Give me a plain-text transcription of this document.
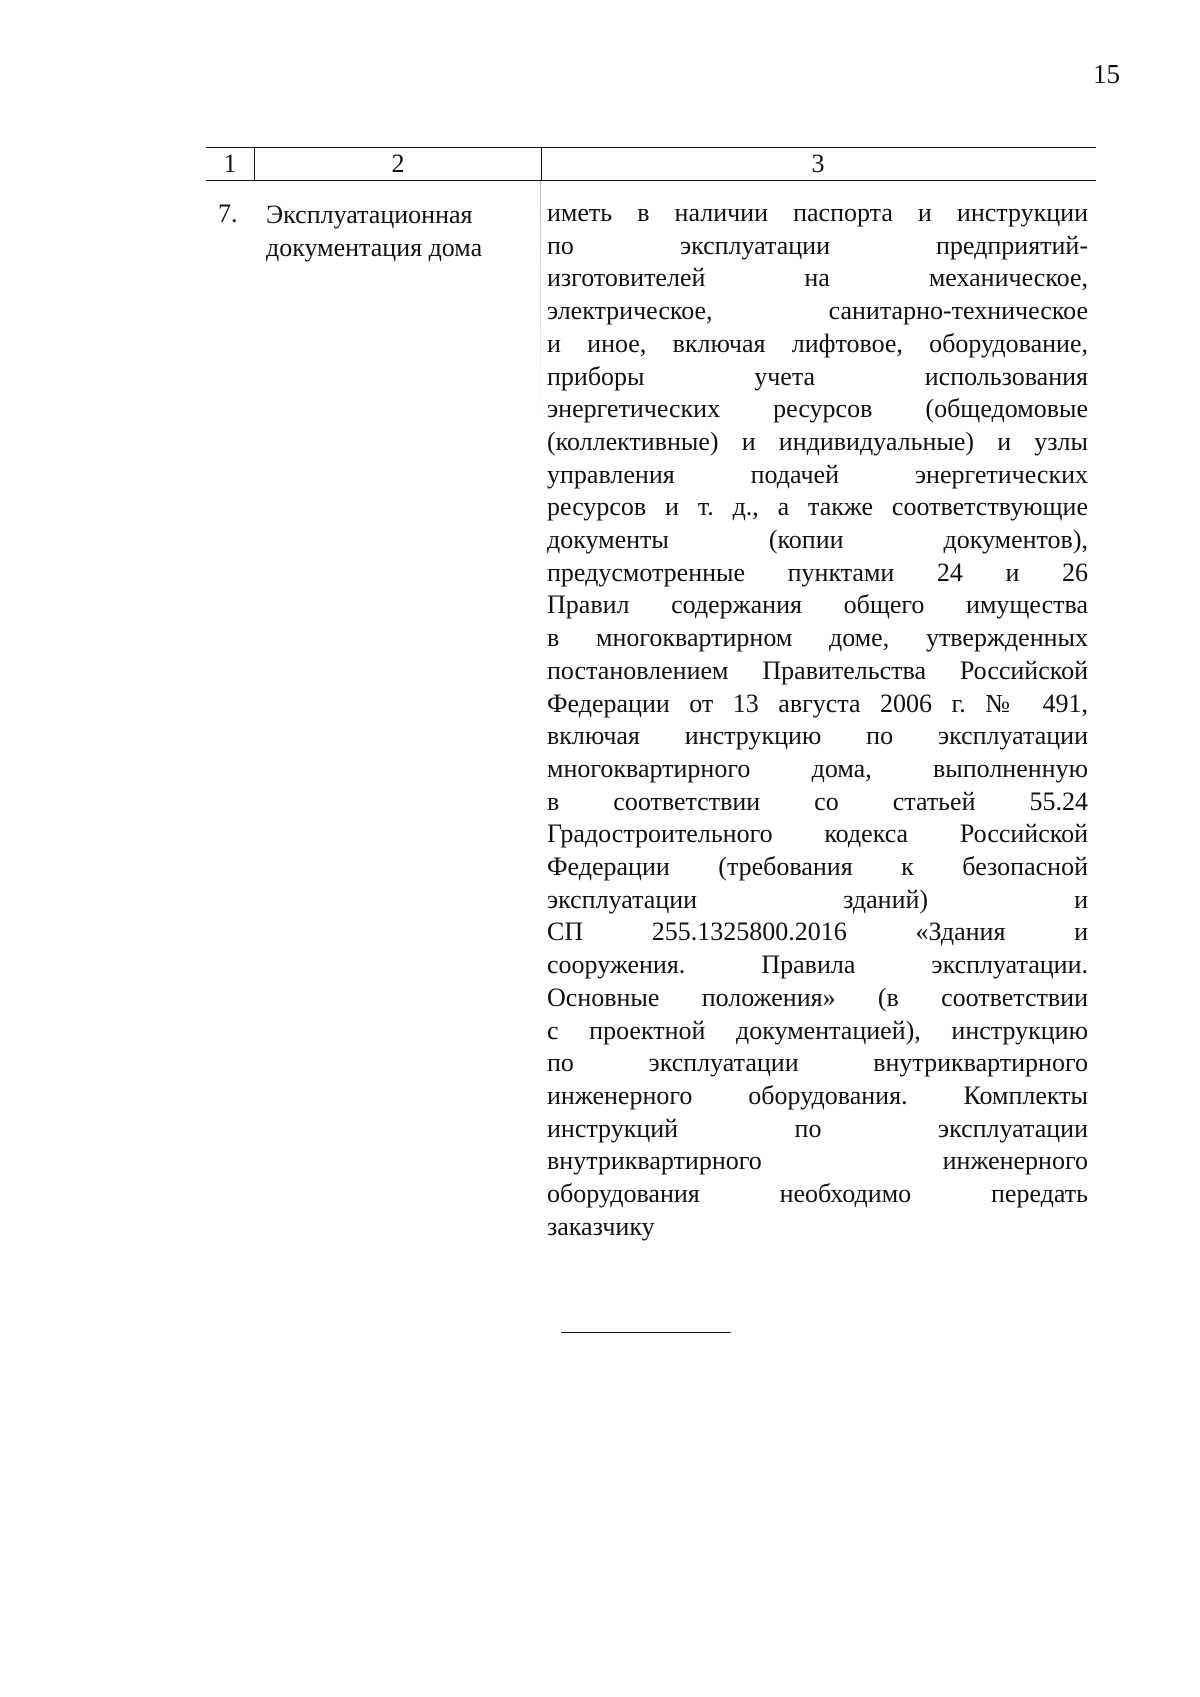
15
1	2	3
7. Эксплуатационная
документация дома
иметь в наличии паспорта и инструкции
по эксплуатации предприятий-
изготовителей на механическое,
электрическое, санитарно-техническое
и иное, включая лифтовое, оборудование,
приборы учета использования
энергетических ресурсов (общедомовые
(коллективные) и индивидуальные) и узлы
управления подачей энергетических
ресурсов и т. д., а также соответствующие
документы (копии документов),
предусмотренные пунктами 24 и 26
Правил содержания общего имущества
в многоквартирном доме, утвержденных
постановлением Правительства Российской
Федерации от 13 августа 2006 г. № 491,
включая инструкцию по эксплуатации
многоквартирного дома, выполненную
в соответствии со статьей 55.24
Градостроительного кодекса Российской
Федерации (требования к безопасной
эксплуатации зданий) и
СП 255.1325800.2016 «Здания и
сооружения. Правила эксплуатации.
Основные положения» (в соответствии
с проектной документацией), инструкцию
по эксплуатации внутриквартирного
инженерного оборудования. Комплекты
инструкций по эксплуатации
внутриквартирного инженерного
оборудования необходимо передать
заказчику
